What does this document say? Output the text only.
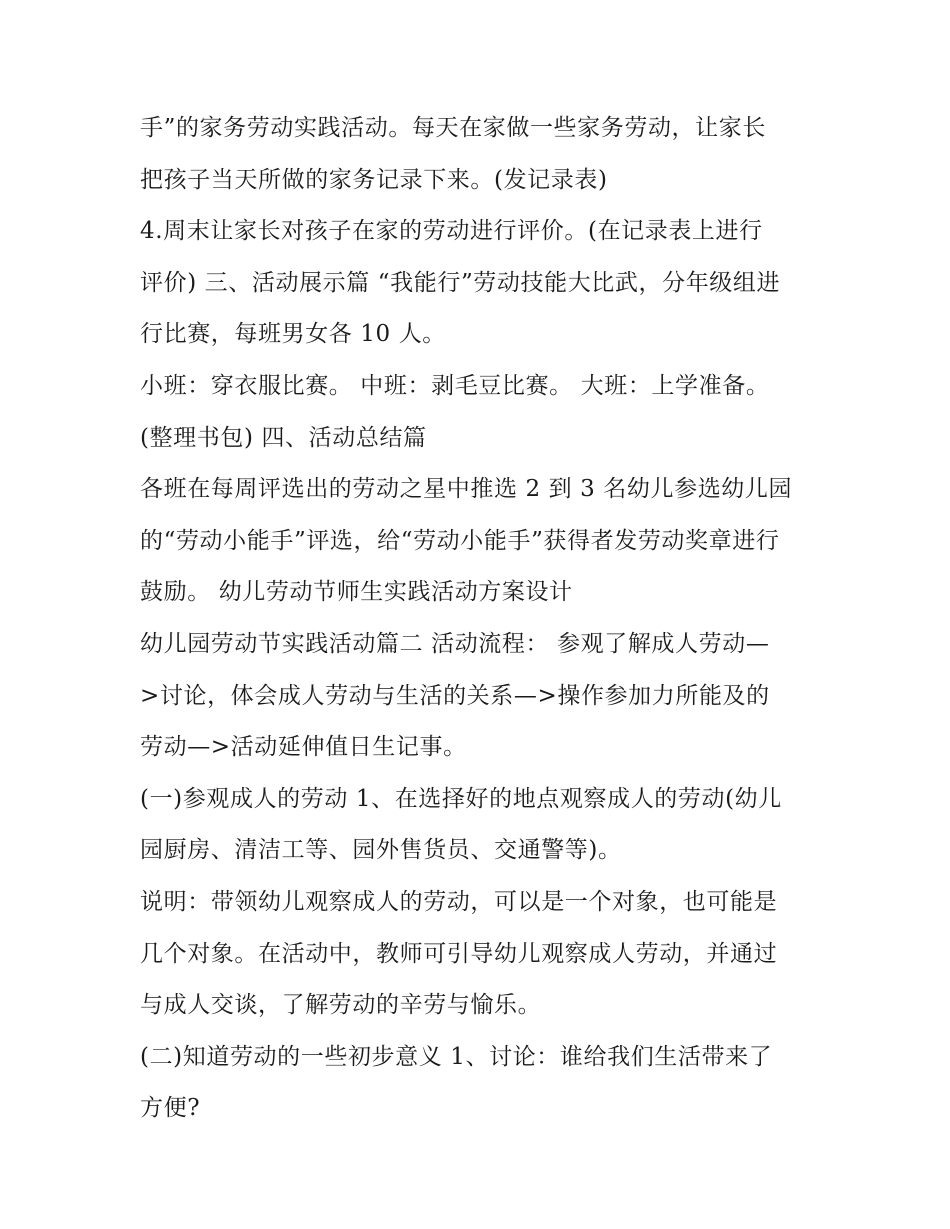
手”的家务劳动实践活动。每天在家做一些家务劳动，让家长
把孩子当天所做的家务记录下来。(发记录表)
4.周末让家长对孩子在家的劳动进行评价。(在记录表上进行
评价) 三、活动展示篇 “我能行”劳动技能大比武，分年级组进
行比赛，每班男女各 10 人。
小班：穿衣服比赛。 中班：剥毛豆比赛。 大班：上学准备。
(整理书包) 四、活动总结篇
各班在每周评选出的劳动之星中推选 2 到 3 名幼儿参选幼儿园
的“劳动小能手”评选，给“劳动小能手”获得者发劳动奖章进行
鼓励。 幼儿劳动节师生实践活动方案设计
幼儿园劳动节实践活动篇二 活动流程： 参观了解成人劳动—
>讨论，体会成人劳动与生活的关系—>操作参加力所能及的
劳动—>活动延伸值日生记事。
(一)参观成人的劳动 1、在选择好的地点观察成人的劳动(幼儿
园厨房、清洁工等、园外售货员、交通警等)。
说明：带领幼儿观察成人的劳动，可以是一个对象，也可能是
几个对象。在活动中，教师可引导幼儿观察成人劳动，并通过
与成人交谈，了解劳动的辛劳与愉乐。
(二)知道劳动的一些初步意义 1、讨论：谁给我们生活带来了
方便?
